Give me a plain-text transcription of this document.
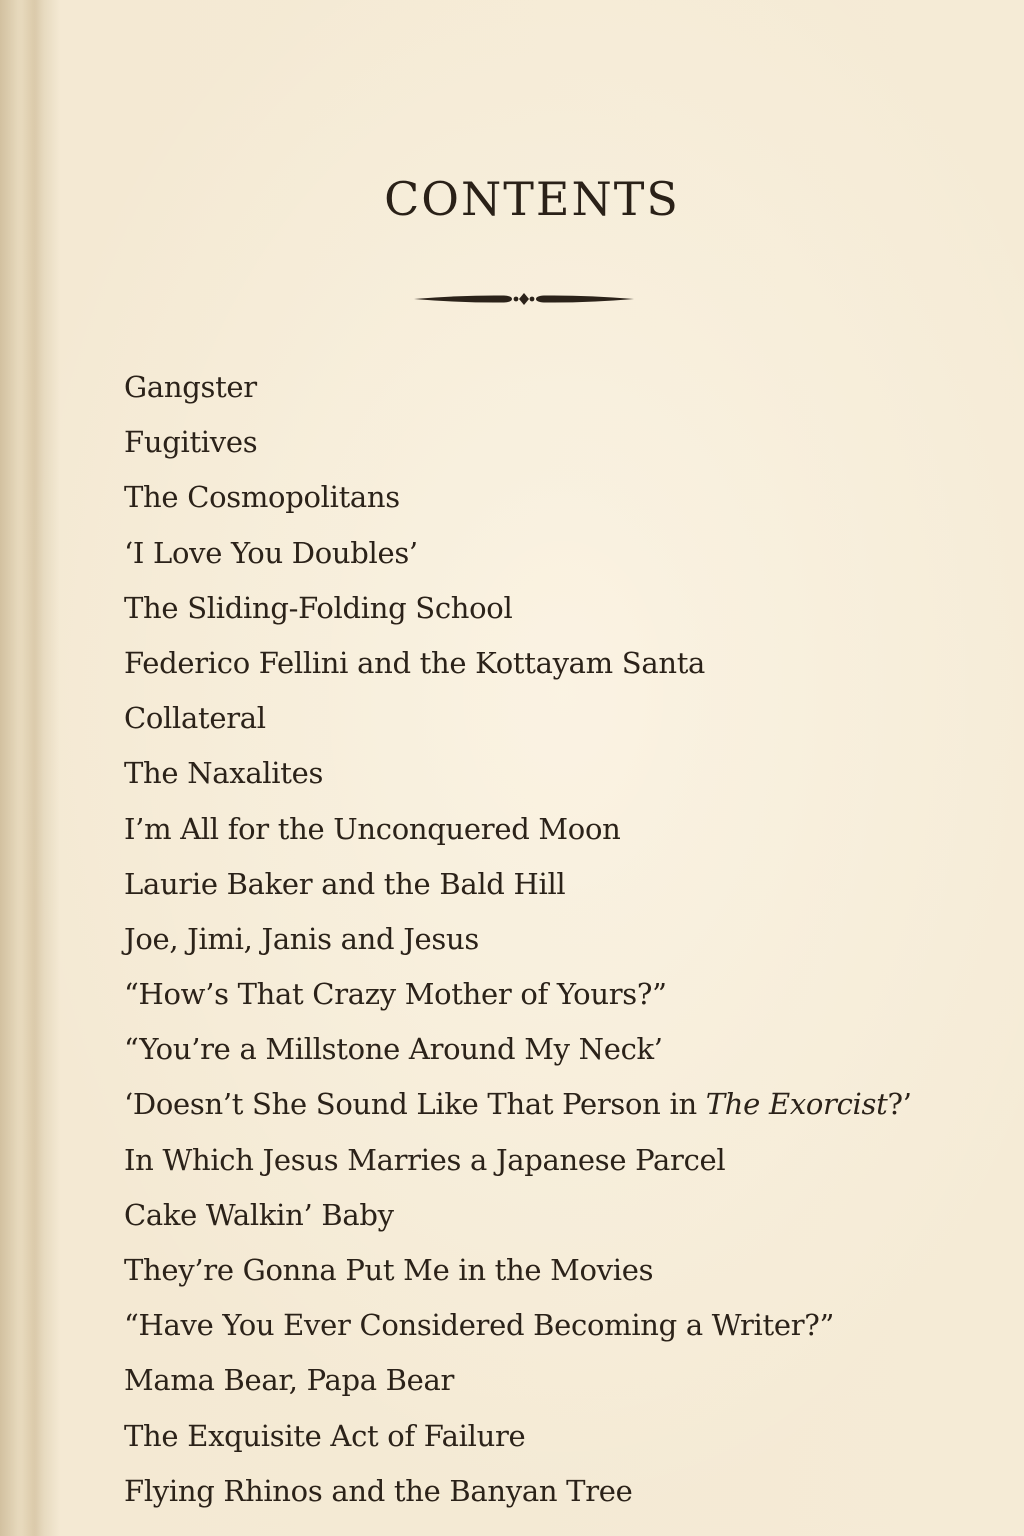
CONTENTS
Gangster
Fugitives
The Cosmopolitans
‘I Love You Doubles’
The Sliding-Folding School
Federico Fellini and the Kottayam Santa
Collateral
The Naxalites
I’m All for the Unconquered Moon
Laurie Baker and the Bald Hill
Joe, Jimi, Janis and Jesus
“How’s That Crazy Mother of Yours?”
“You’re a Millstone Around My Neck’
‘Doesn’t She Sound Like That Person in The Exorcist?’
In Which Jesus Marries a Japanese Parcel
Cake Walkin’ Baby
They’re Gonna Put Me in the Movies
“Have You Ever Considered Becoming a Writer?”
Mama Bear, Papa Bear
The Exquisite Act of Failure
Flying Rhinos and the Banyan Tree
